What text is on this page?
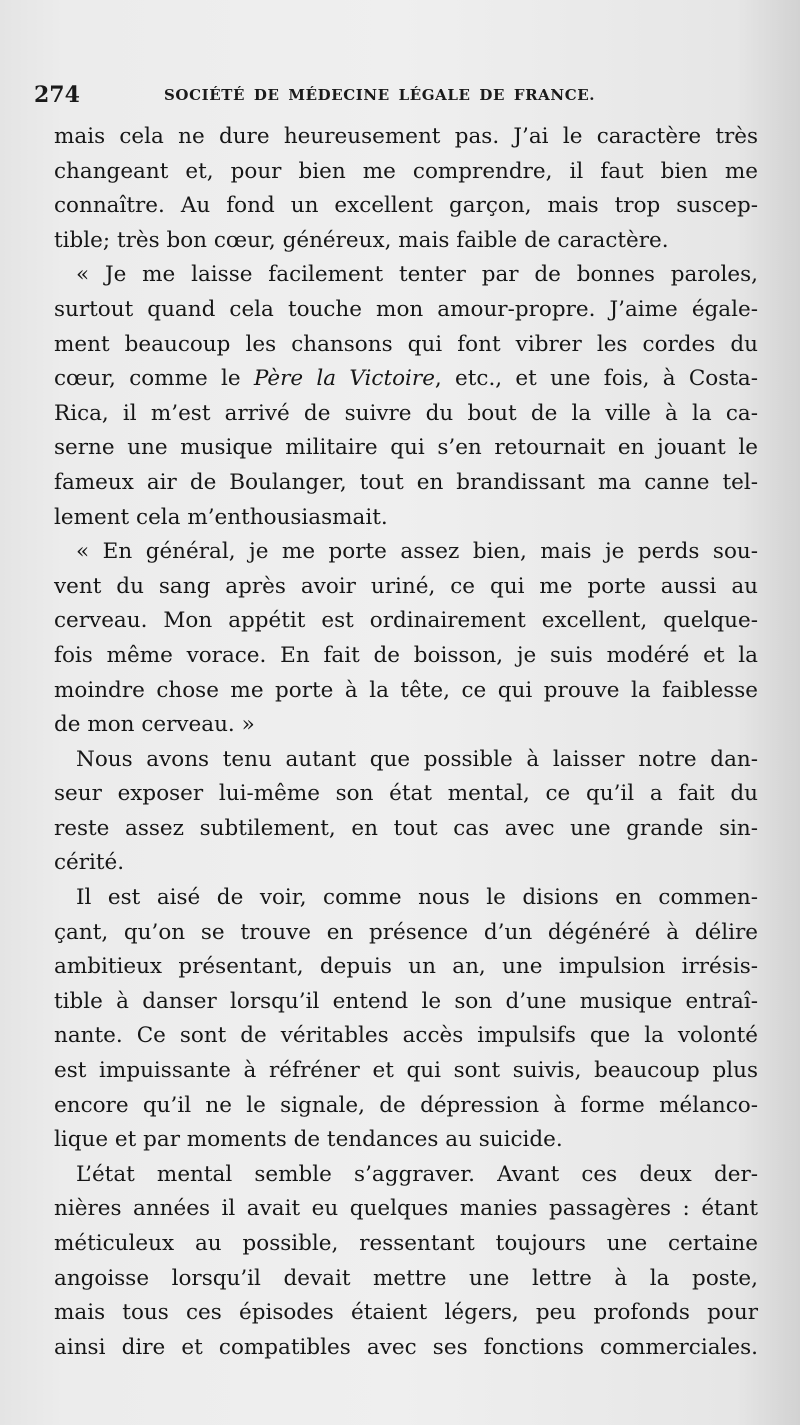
274	SOCIÉTÉ DE MÉDECINE LÉGALE DE FRANCE.
mais cela ne dure heureusement pas. J’ai le caractère très
changeant et, pour bien me comprendre, il faut bien me
connaître. Au fond un excellent garçon, mais trop suscep-
tible; très bon cœur, généreux, mais faible de caractère.
« Je me laisse facilement tenter par de bonnes paroles,
surtout quand cela touche mon amour-propre. J’aime égale-
ment beaucoup les chansons qui font vibrer les cordes du
cœur, comme le Père la Victoire, etc., et une fois, à Costa-
Rica, il m’est arrivé de suivre du bout de la ville à la ca-
serne une musique militaire qui s’en retournait en jouant le
fameux air de Boulanger, tout en brandissant ma canne tel-
lement cela m’enthousiasmait.
« En général, je me porte assez bien, mais je perds sou-
vent du sang après avoir uriné, ce qui me porte aussi au
cerveau. Mon appétit est ordinairement excellent, quelque-
fois même vorace. En fait de boisson, je suis modéré et la
moindre chose me porte à la tête, ce qui prouve la faiblesse
de mon cerveau. »
Nous avons tenu autant que possible à laisser notre dan-
seur exposer lui-même son état mental, ce qu’il a fait du
reste assez subtilement, en tout cas avec une grande sin-
cérité.
Il est aisé de voir, comme nous le disions en commen-
çant, qu’on se trouve en présence d’un dégénéré à délire
ambitieux présentant, depuis un an, une impulsion irrésis-
tible à danser lorsqu’il entend le son d’une musique entraî-
nante. Ce sont de véritables accès impulsifs que la volonté
est impuissante à réfréner et qui sont suivis, beaucoup plus
encore qu’il ne le signale, de dépression à forme mélanco-
lique et par moments de tendances au suicide.
L’état mental semble s’aggraver. Avant ces deux der-
nières années il avait eu quelques manies passagères : étant
méticuleux au possible, ressentant toujours une certaine
angoisse lorsqu’il devait mettre une lettre à la poste,
mais tous ces épisodes étaient légers, peu profonds pour
ainsi dire et compatibles avec ses fonctions commerciales.
